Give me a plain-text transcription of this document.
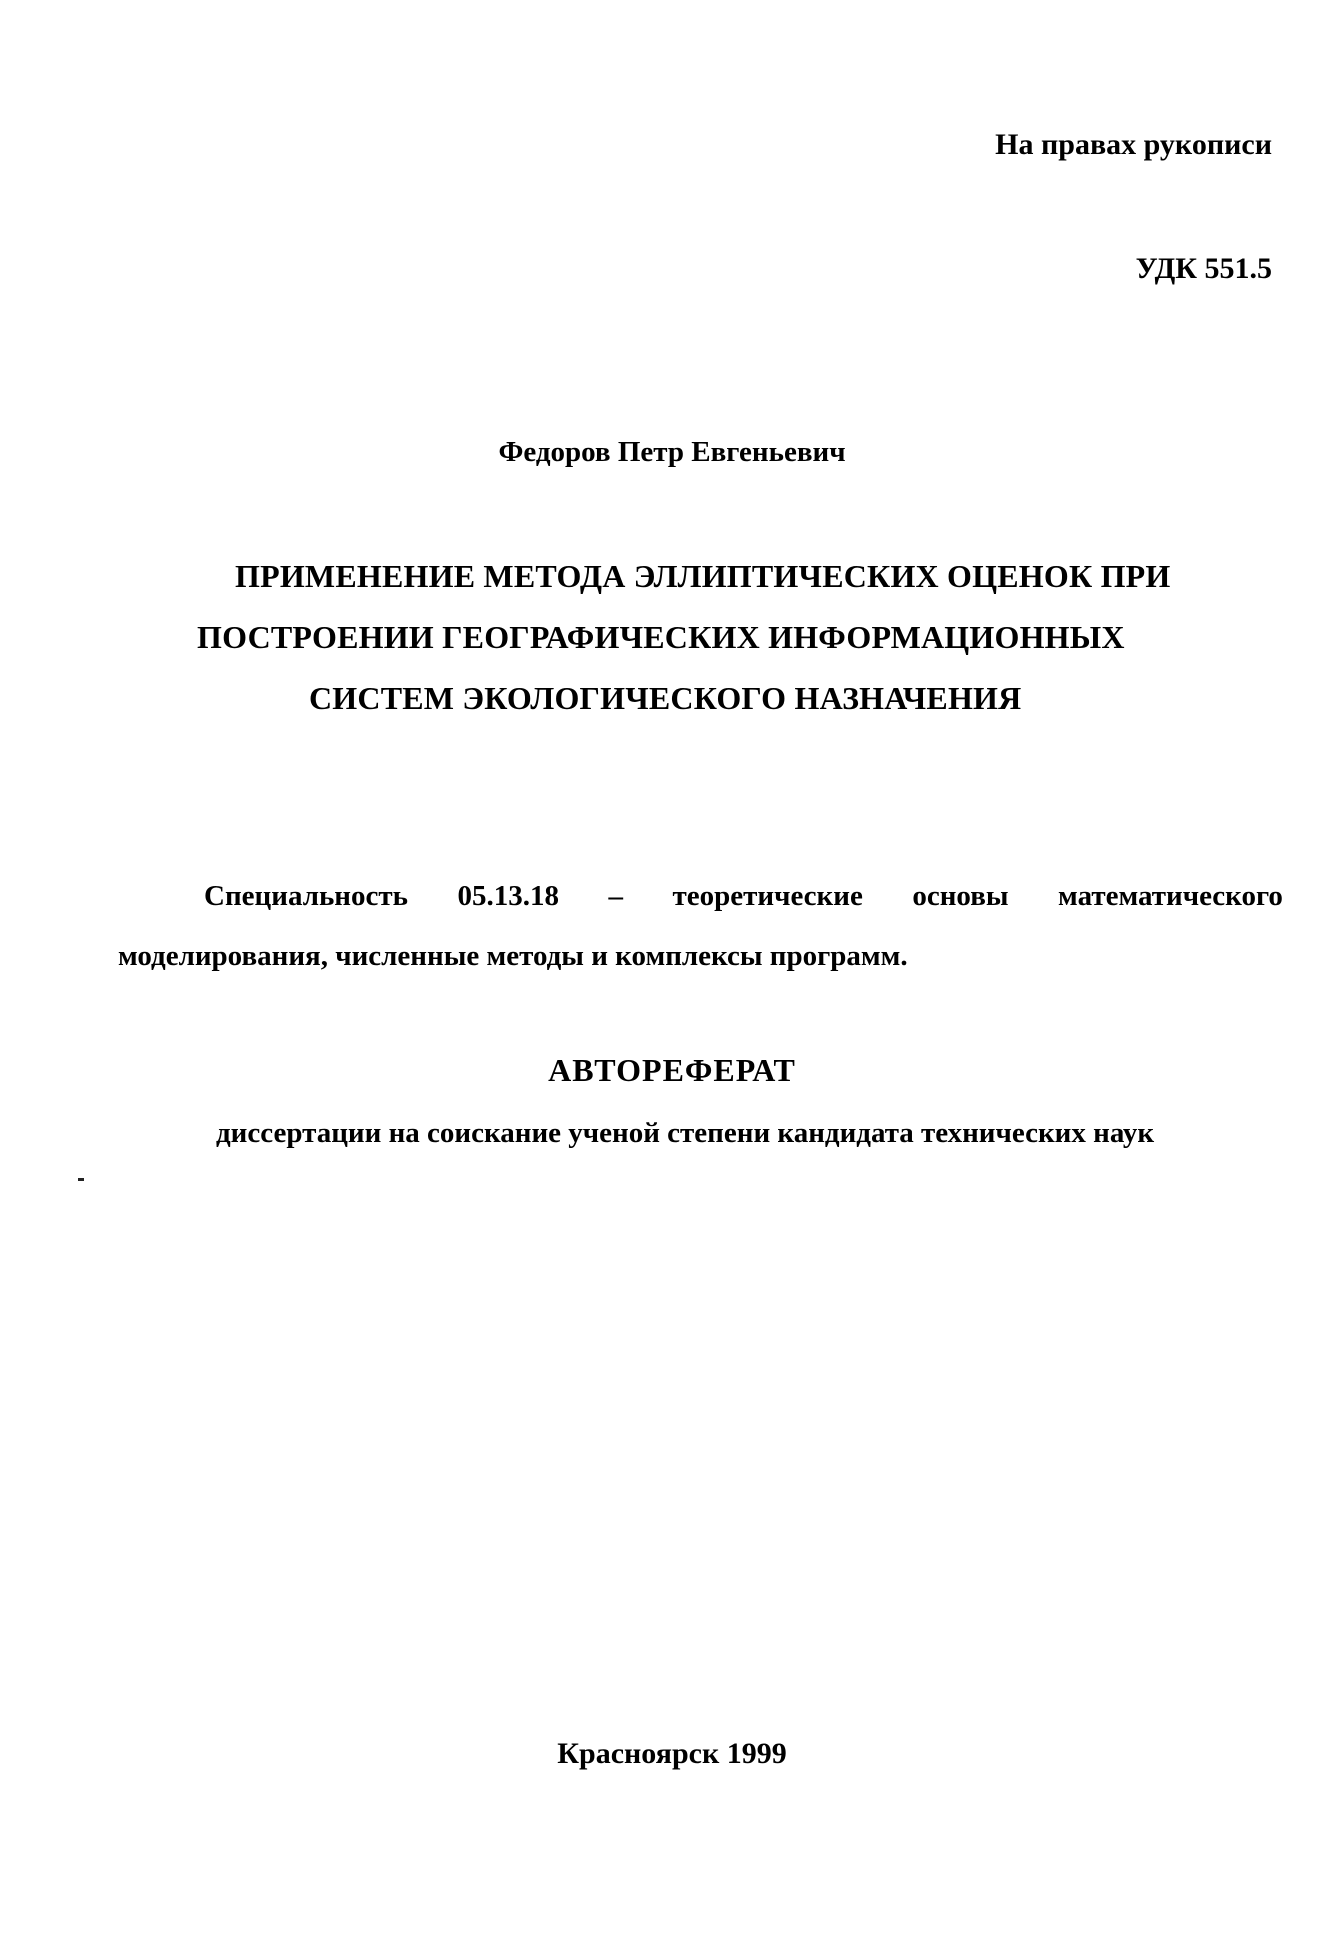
На правах рукописи
УДК 551.5
Федоров Петр Евгеньевич
ПРИМЕНЕНИЕ МЕТОДА ЭЛЛИПТИЧЕСКИХ ОЦЕНОК ПРИ
ПОСТРОЕНИИ ГЕОГРАФИЧЕСКИХ ИНФОРМАЦИОННЫХ
СИСТЕМ ЭКОЛОГИЧЕСКОГО НАЗНАЧЕНИЯ
Специальность 05.13.18 – теоретические основы математического
моделирования, численные методы и комплексы программ.
АВТОРЕФЕРАТ
диссертации на соискание ученой степени кандидата технических наук
Красноярск 1999
